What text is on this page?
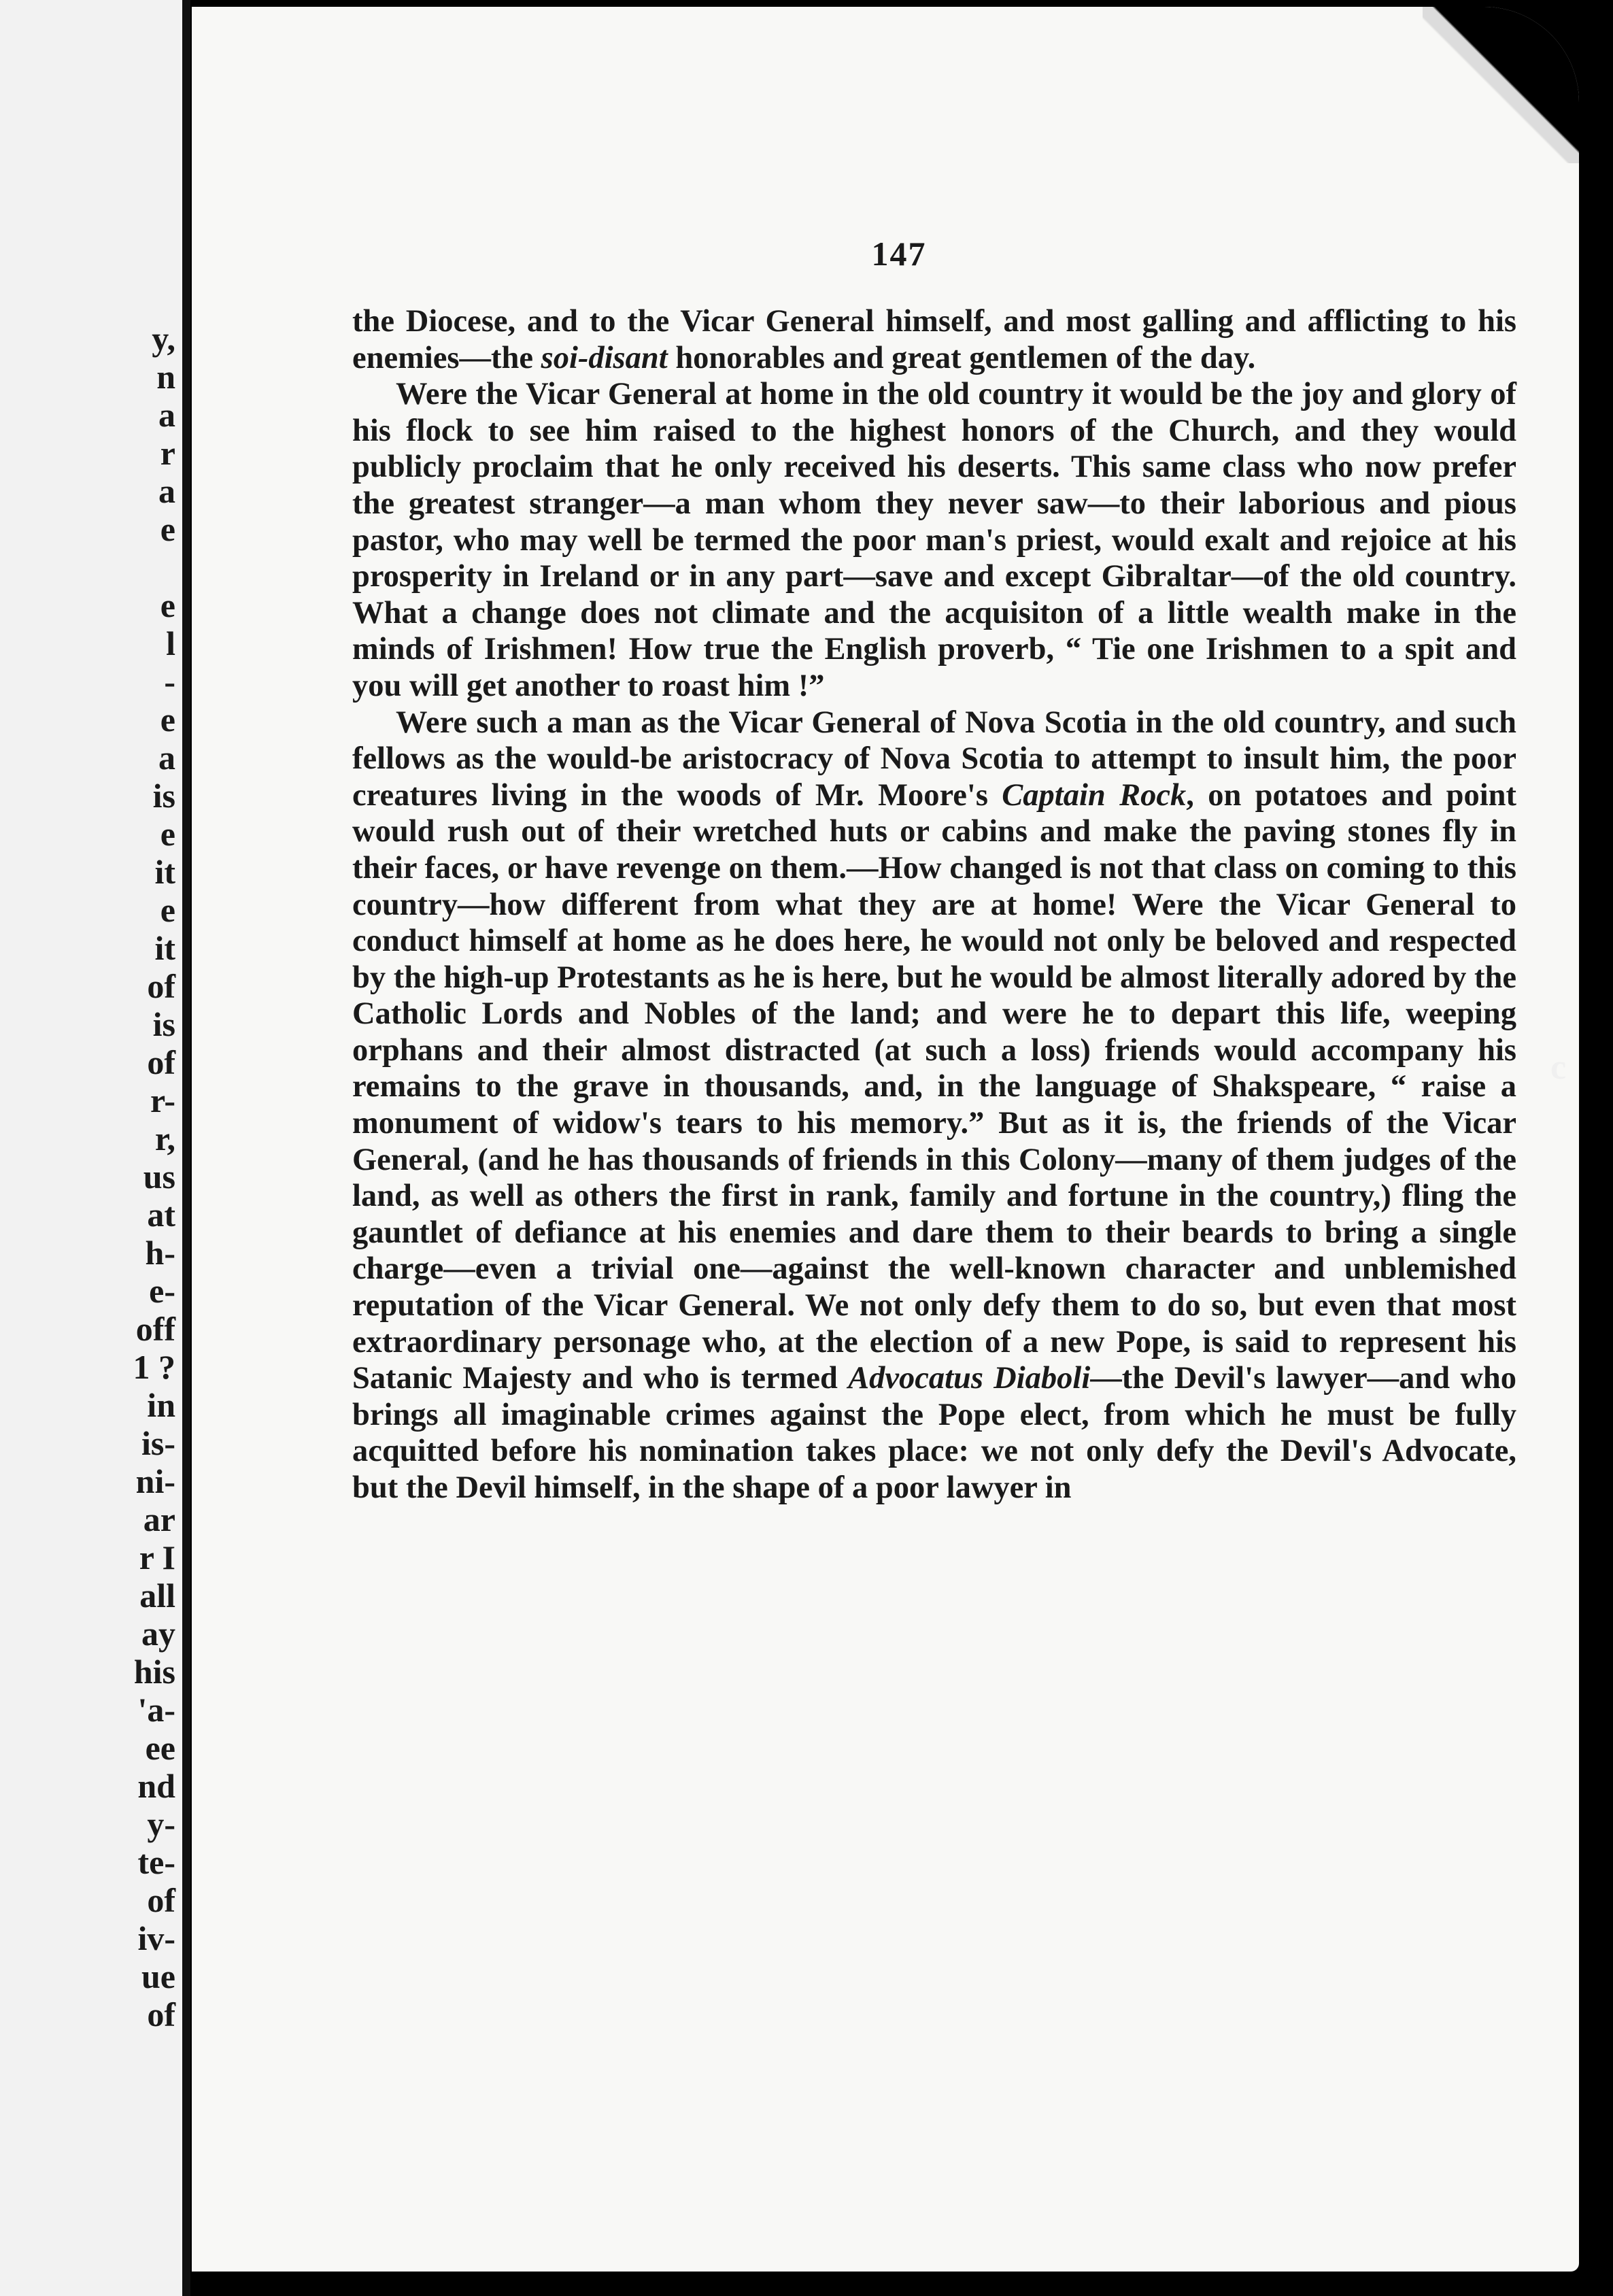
y,
n
a
r
a
e
e
l
-
e
a
is
e
it
e
it
of
is
of
r-
r,
us
at
h-
e-
off
1 ?
in
is-
ni-
ar
r I
all
ay
his
'a-
ee
nd
y-
te-
of
iv-
ue
of
147

the Diocese, and to the Vicar General himself, and most galling and afflicting to his enemies—the soi-disant honorables and great gentlemen of the day.

Were the Vicar General at home in the old country it would be the joy and glory of his flock to see him raised to the highest honors of the Church, and they would publicly proclaim that he only received his deserts. This same class who now prefer the greatest stranger—a man whom they never saw—to their laborious and pious pastor, who may well be termed the poor man's priest, would exalt and rejoice at his prosperity in Ireland or in any part—save and except Gibraltar—of the old country. What a change does not climate and the acquisiton of a little wealth make in the minds of Irishmen! How true the English proverb, “ Tie one Irishmen to a spit and you will get another to roast him !”

Were such a man as the Vicar General of Nova Scotia in the old country, and such fellows as the would-be aristocracy of Nova Scotia to attempt to insult him, the poor creatures living in the woods of Mr. Moore's Captain Rock, on potatoes and point would rush out of their wretched huts or cabins and make the paving stones fly in their faces, or have revenge on them.—How changed is not that class on coming to this country—how different from what they are at home! Were the Vicar General to conduct himself at home as he does here, he would not only be beloved and respected by the high-up Protestants as he is here, but he would be almost literally adored by the Catholic Lords and Nobles of the land; and were he to depart this life, weeping orphans and their almost distracted (at such a loss) friends would accompany his remains to the grave in thousands, and, in the language of Shakspeare, “ raise a monument of widow's tears to his memory.” But as it is, the friends of the Vicar General, (and he has thousands of friends in this Colony—many of them judges of the land, as well as others the first in rank, family and fortune in the country,) fling the gauntlet of defiance at his enemies and dare them to their beards to bring a single charge—even a trivial one—against the well-known character and unblemished reputation of the Vicar General. We not only defy them to do so, but even that most extraordinary personage who, at the election of a new Pope, is said to represent his Satanic Majesty and who is termed Advocatus Diaboli—the Devil's lawyer—and who brings all imaginable crimes against the Pope elect, from which he must be fully acquitted before his nomination takes place: we not only defy the Devil's Advocate, but the Devil himself, in the shape of a poor lawyer in

c
